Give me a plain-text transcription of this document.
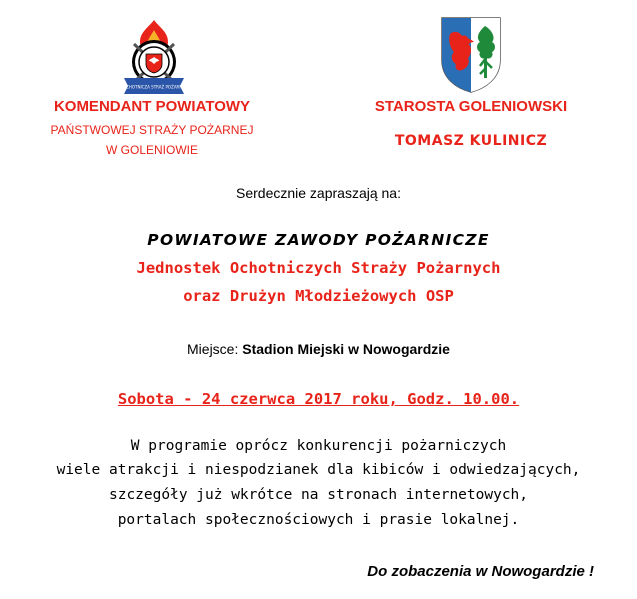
OCHOTNICZA STRAŻ POŻARNA
KOMENDANT POWIATOWY
PAŃSTWOWEJ STRAŻY POŻARNEJ
W GOLENIOWIE
STAROSTA GOLENIOWSKI
TOMASZ KULINICZ
Serdecznie zapraszają na:
POWIATOWE ZAWODY POŻARNICZE
Jednostek Ochotniczych Straży Pożarnych
oraz Drużyn Młodzieżowych OSP
Miejsce: Stadion Miejski w Nowogardzie
Sobota - 24 czerwca 2017 roku, Godz. 10.00.
W programie oprócz konkurencji pożarniczych
wiele atrakcji i niespodzianek dla kibiców i odwiedzających,
szczegóły już wkrótce na stronach internetowych,
portalach społecznościowych i prasie lokalnej.
Do zobaczenia w Nowogardzie !
